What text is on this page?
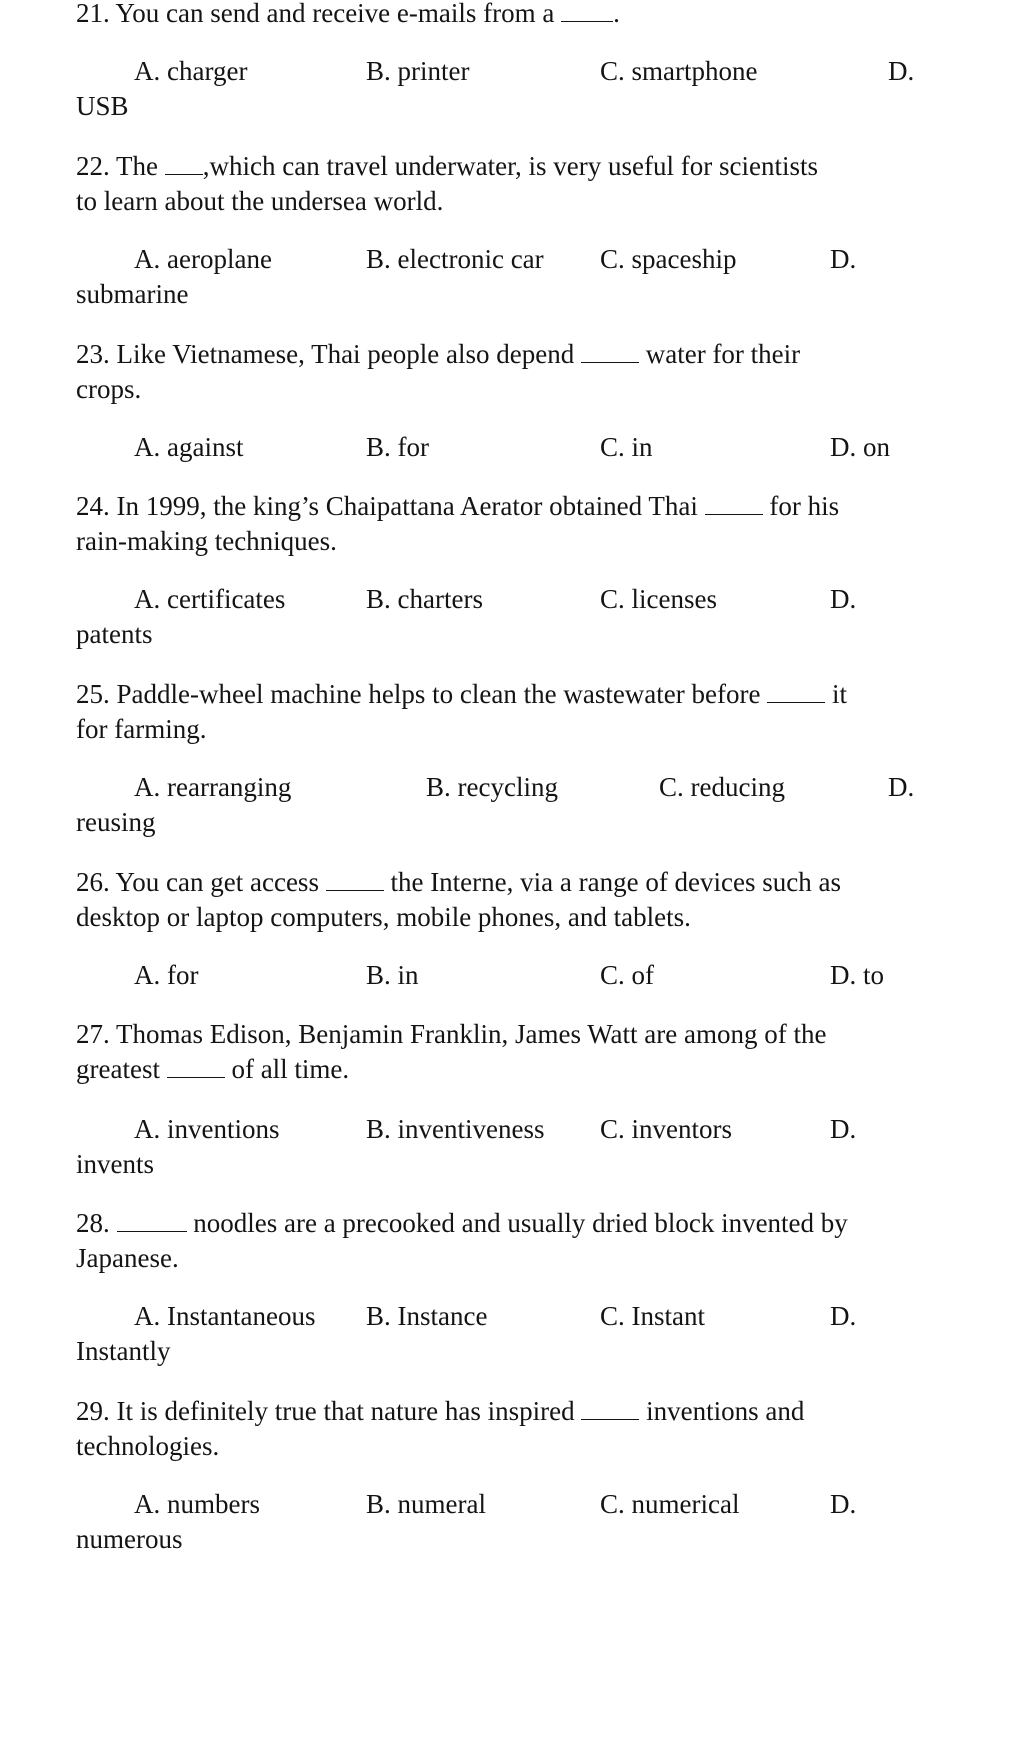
21. You can send and receive e-mails from a .
A. charger	B. printer	C. smartphone	D.
USB
22. The ,which can travel underwater, is very useful for scientists
to learn about the undersea world.
A. aeroplane	B. electronic car C. spaceship	D.
submarine
23. Like Vietnamese, Thai people also depend	water for their
crops.
A. against	B. for	C. in	D. on
24. In 1999, the king’s Chaipattana Aerator obtained Thai	for his
rain-making techniques.
A. certificates	B. charters	C. licenses	D.
patents
25. Paddle-wheel machine helps to clean the wastewater before	it
for farming.
A. rearranging	B. recycling	C. reducing	D.
reusing
26. You can get access	the Interne, via a range of devices such as
desktop or laptop computers, mobile phones, and tablets.
A. for	B. in	C. of	D. to
27. Thomas Edison, Benjamin Franklin, James Watt are among of the
greatest	of all time.
A. inventions	B. inventiveness C. inventors	D.
invents
28.	noodles are a precooked and usually dried block invented by
Japanese.
A. Instantaneous B. Instance	C. Instant	D.
Instantly
29. It is definitely true that nature has inspired	inventions and
technologies.
A. numbers	B. numeral	C. numerical	D.
numerous
